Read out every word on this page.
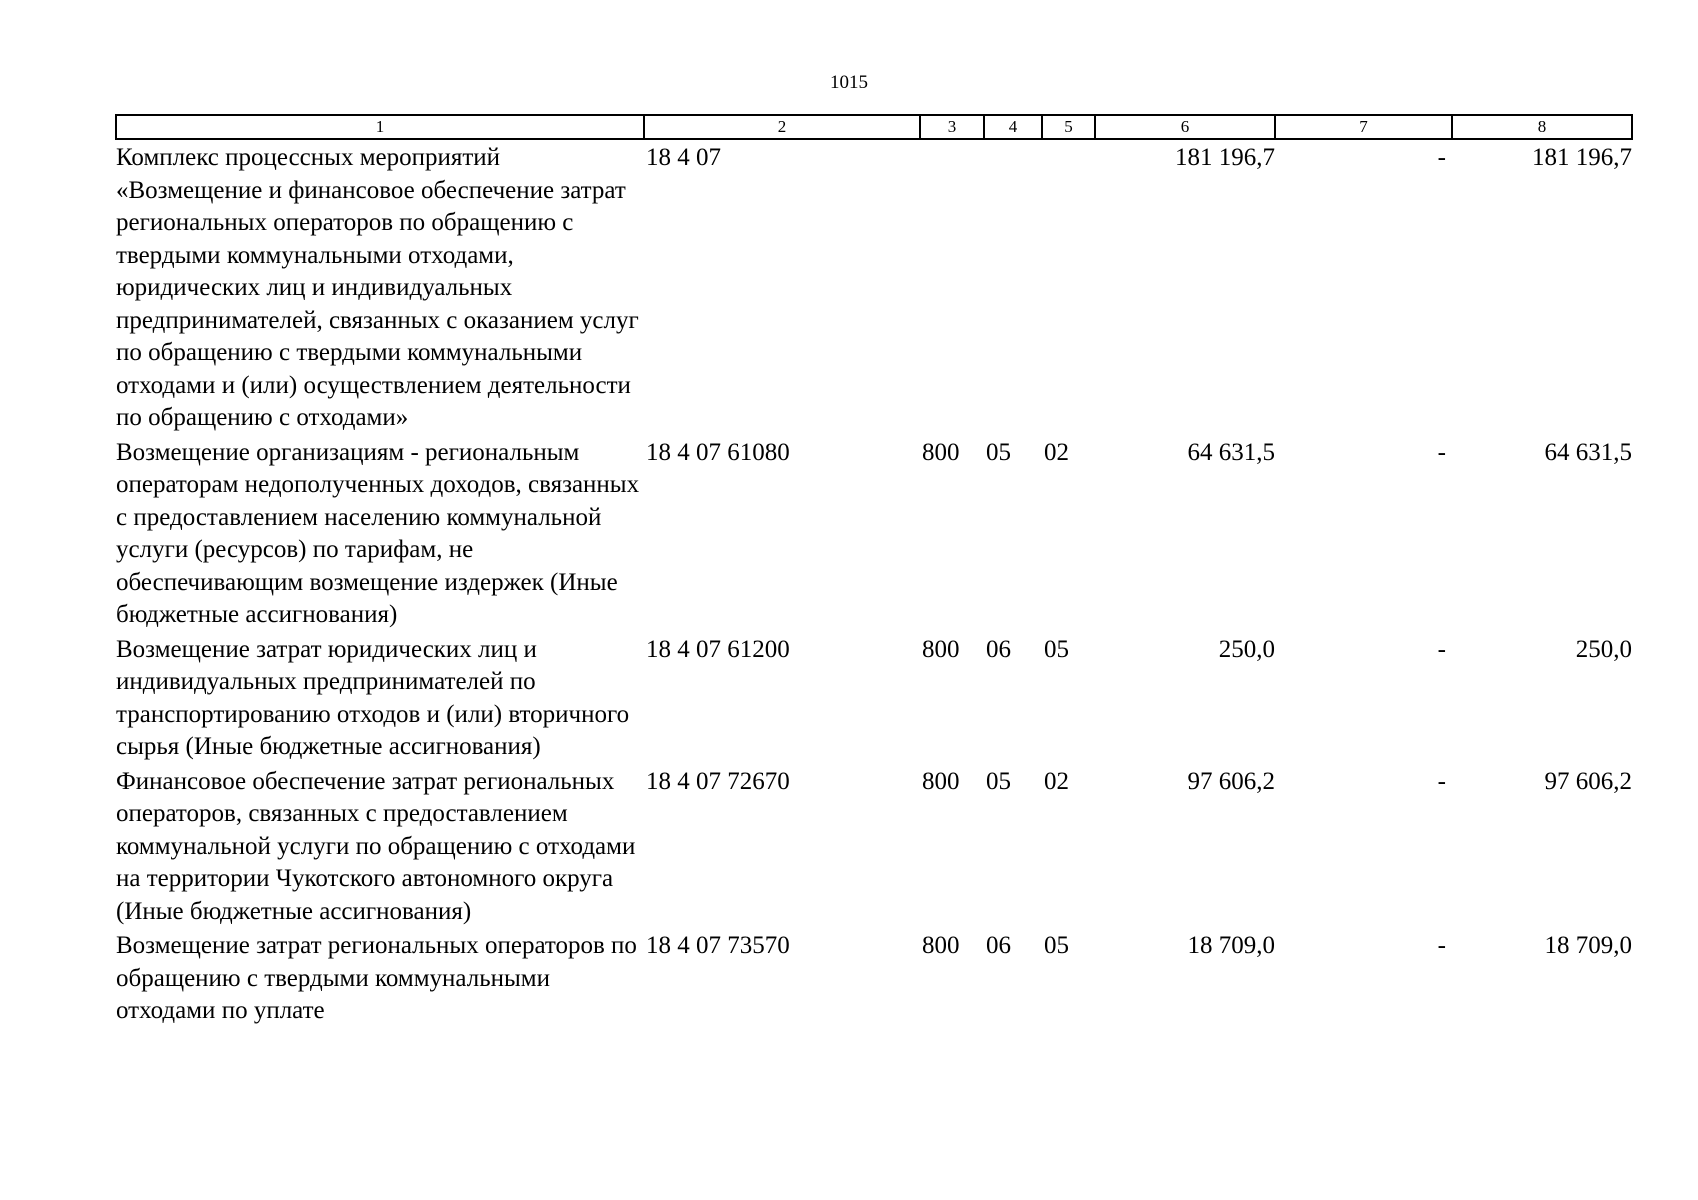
1015
1	2	3	4	5	6	7	8
Комплекс процессных мероприятий «Возмещение и финансовое обеспечение затрат региональных операторов по обращению с твердыми коммунальными отходами, юридических лиц и индивидуальных предпринимателей, связанных с оказанием услуг по обращению с твердыми коммунальными отходами и (или) осуществлением деятельности по обращению с отходами»	18 4 07				181 196,7	-	181 196,7
Возмещение организациям - региональным операторам недополученных доходов, связанных с предоставлением населению коммунальной услуги (ресурсов) по тарифам, не обеспечивающим возмещение издержек (Иные бюджетные ассигнования)	18 4 07 61080	800	05	02	64 631,5	-	64 631,5
Возмещение затрат юридических лиц и индивидуальных предпринимателей по транспортированию отходов и (или) вторичного сырья (Иные бюджетные ассигнования)	18 4 07 61200	800	06	05	250,0	-	250,0
Финансовое обеспечение затрат региональных операторов, связанных с предоставлением коммунальной услуги по обращению с отходами на территории Чукотского автономного округа (Иные бюджетные ассигнования)	18 4 07 72670	800	05	02	97 606,2	-	97 606,2
Возмещение затрат региональных операторов по обращению с твердыми коммунальными отходами по уплате	18 4 07 73570	800	06	05	18 709,0	-	18 709,0
